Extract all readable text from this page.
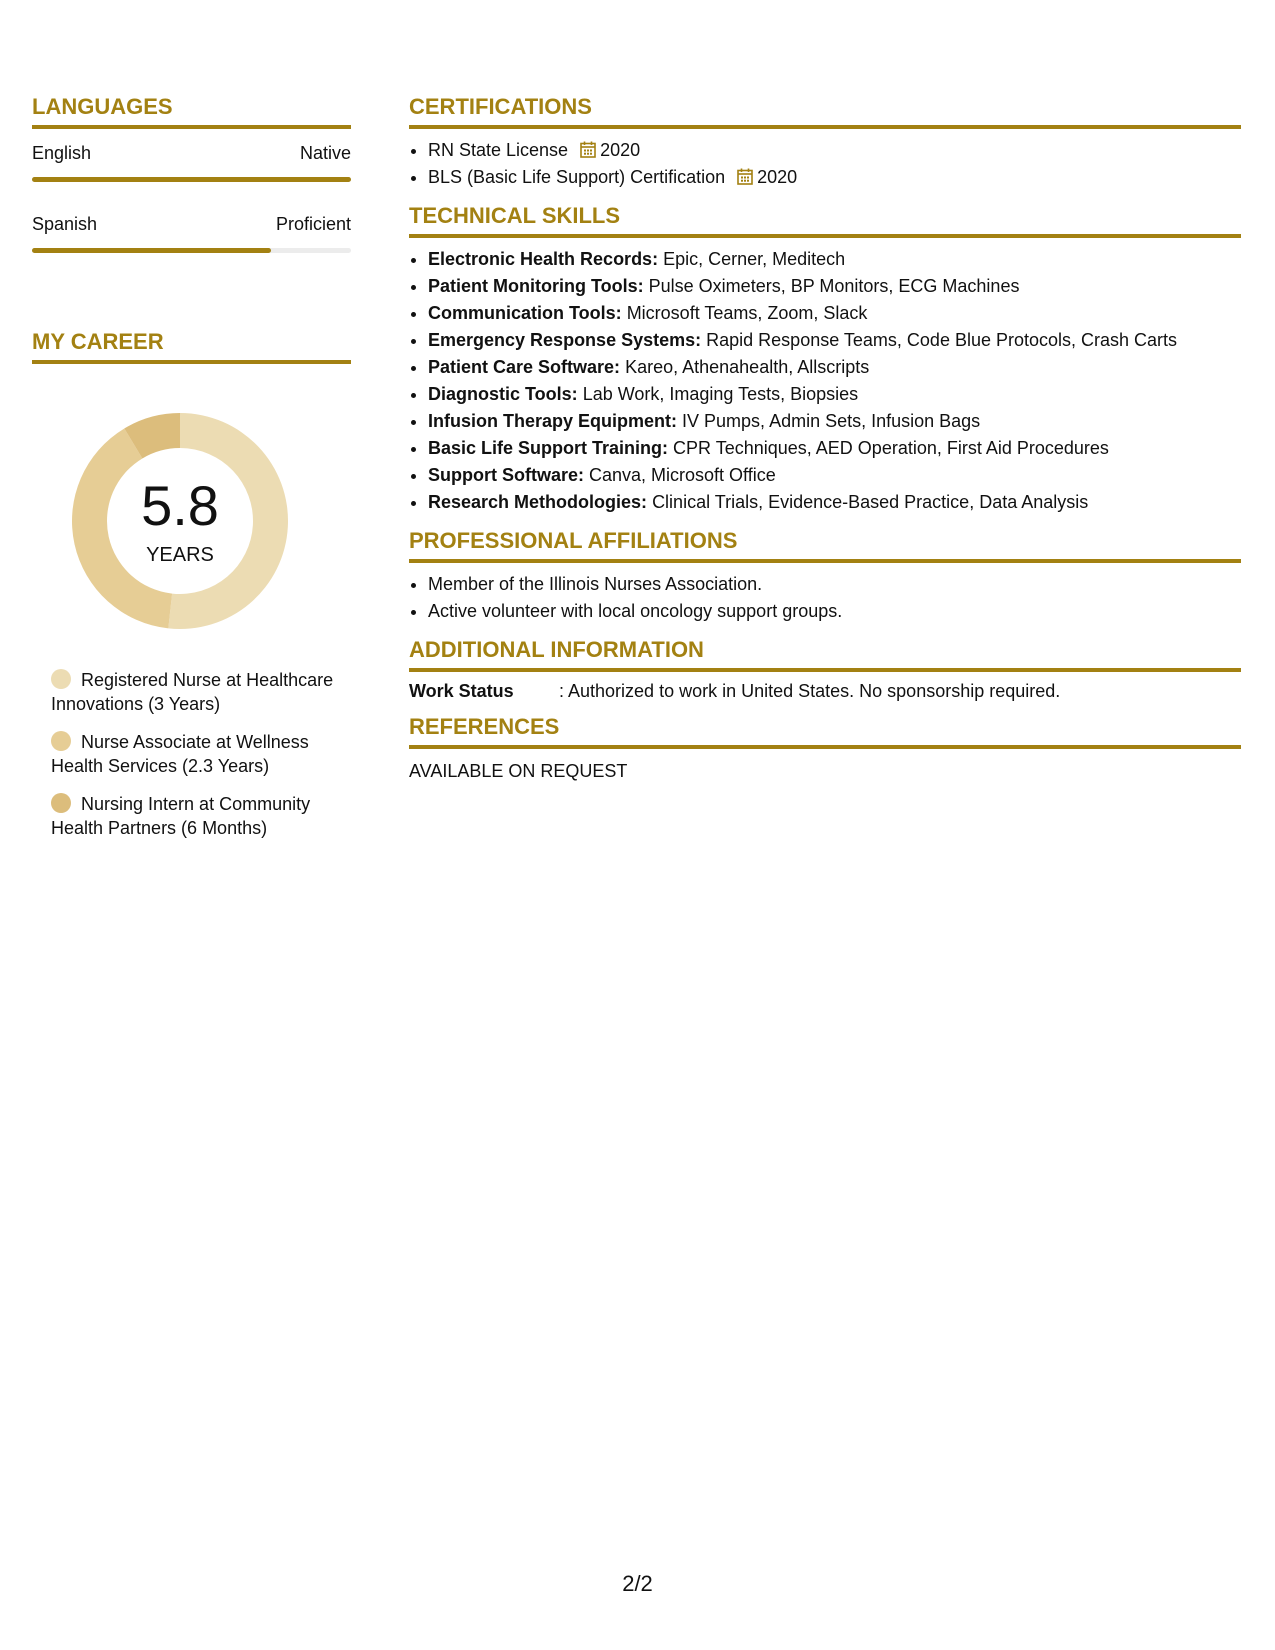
LANGUAGES
English	Native
Spanish	Proficient
MY CAREER
5.8
YEARS
Registered Nurse at Healthcare Innovations (3 Years)
Nurse Associate at Wellness Health Services (2.3 Years)
Nursing Intern at Community Health Partners (6 Months)
CERTIFICATIONS
• RN State License 2020
• BLS (Basic Life Support) Certification 2020
TECHNICAL SKILLS
• Electronic Health Records: Epic, Cerner, Meditech
• Patient Monitoring Tools: Pulse Oximeters, BP Monitors, ECG Machines
• Communication Tools: Microsoft Teams, Zoom, Slack
• Emergency Response Systems: Rapid Response Teams, Code Blue Protocols, Crash Carts
• Patient Care Software: Kareo, Athenahealth, Allscripts
• Diagnostic Tools: Lab Work, Imaging Tests, Biopsies
• Infusion Therapy Equipment: IV Pumps, Admin Sets, Infusion Bags
• Basic Life Support Training: CPR Techniques, AED Operation, First Aid Procedures
• Support Software: Canva, Microsoft Office
• Research Methodologies: Clinical Trials, Evidence-Based Practice, Data Analysis
PROFESSIONAL AFFILIATIONS
• Member of the Illinois Nurses Association.
• Active volunteer with local oncology support groups.
ADDITIONAL INFORMATION
Work Status	: Authorized to work in United States. No sponsorship required.
REFERENCES
AVAILABLE ON REQUEST
2/2
